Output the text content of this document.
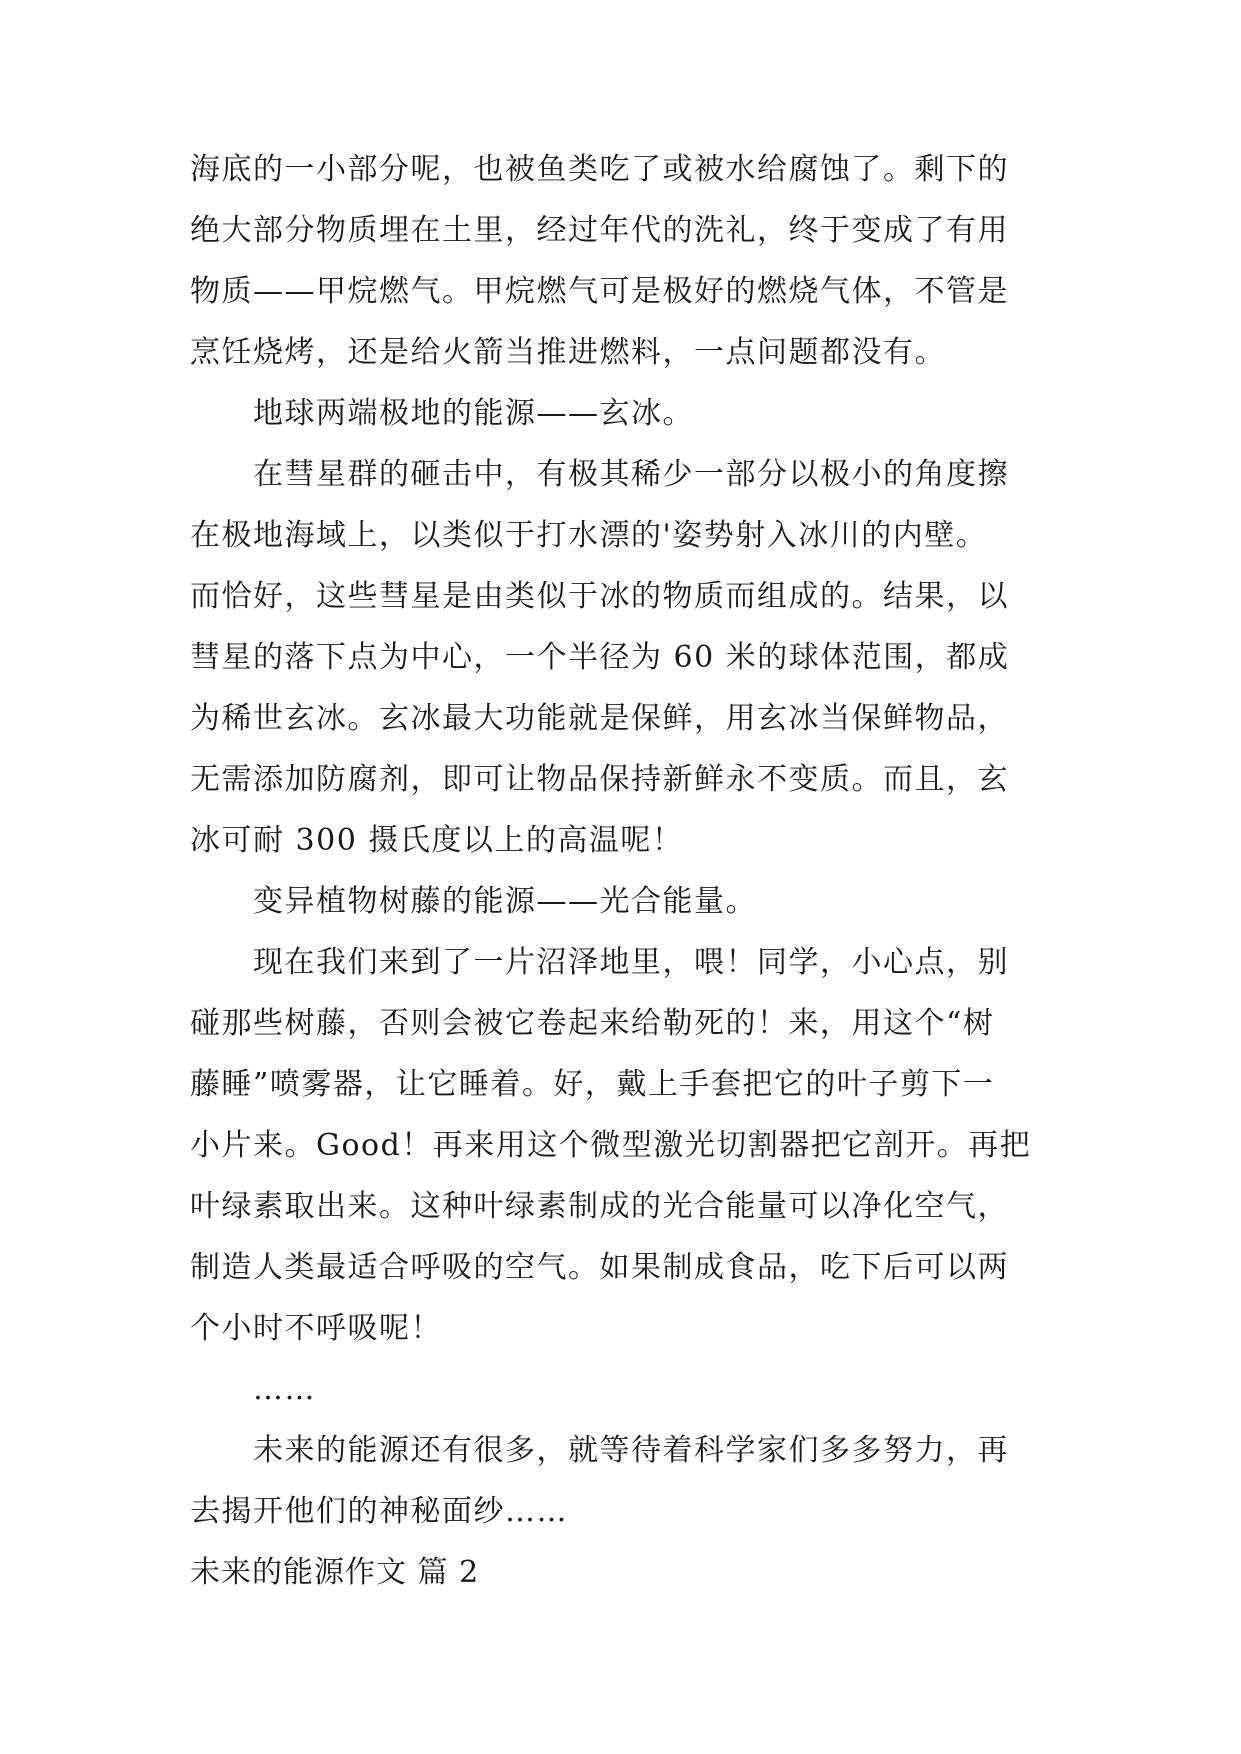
海底的一小部分呢，也被鱼类吃了或被水给腐蚀了。剩下的
绝大部分物质埋在土里，经过年代的洗礼，终于变成了有用
物质——甲烷燃气。甲烷燃气可是极好的燃烧气体，不管是
烹饪烧烤，还是给火箭当推进燃料，一点问题都没有。
地球两端极地的能源——玄冰。
在彗星群的砸击中，有极其稀少一部分以极小的角度擦
在极地海域上，以类似于打水漂的'姿势射入冰川的内壁。
而恰好，这些彗星是由类似于冰的物质而组成的。结果，以
彗星的落下点为中心，一个半径为 60 米的球体范围，都成
为稀世玄冰。玄冰最大功能就是保鲜，用玄冰当保鲜物品，
无需添加防腐剂，即可让物品保持新鲜永不变质。而且，玄
冰可耐 300 摄氏度以上的高温呢！
变异植物树藤的能源——光合能量。
现在我们来到了一片沼泽地里，喂！同学，小心点，别
碰那些树藤，否则会被它卷起来给勒死的！来，用这个“树
藤睡”喷雾器，让它睡着。好，戴上手套把它的叶子剪下一
小片来。Good！再来用这个微型激光切割器把它剖开。再把
叶绿素取出来。这种叶绿素制成的光合能量可以净化空气，
制造人类最适合呼吸的空气。如果制成食品，吃下后可以两
个小时不呼吸呢！
……
未来的能源还有很多，就等待着科学家们多多努力，再
去揭开他们的神秘面纱……
未来的能源作文 篇 2
